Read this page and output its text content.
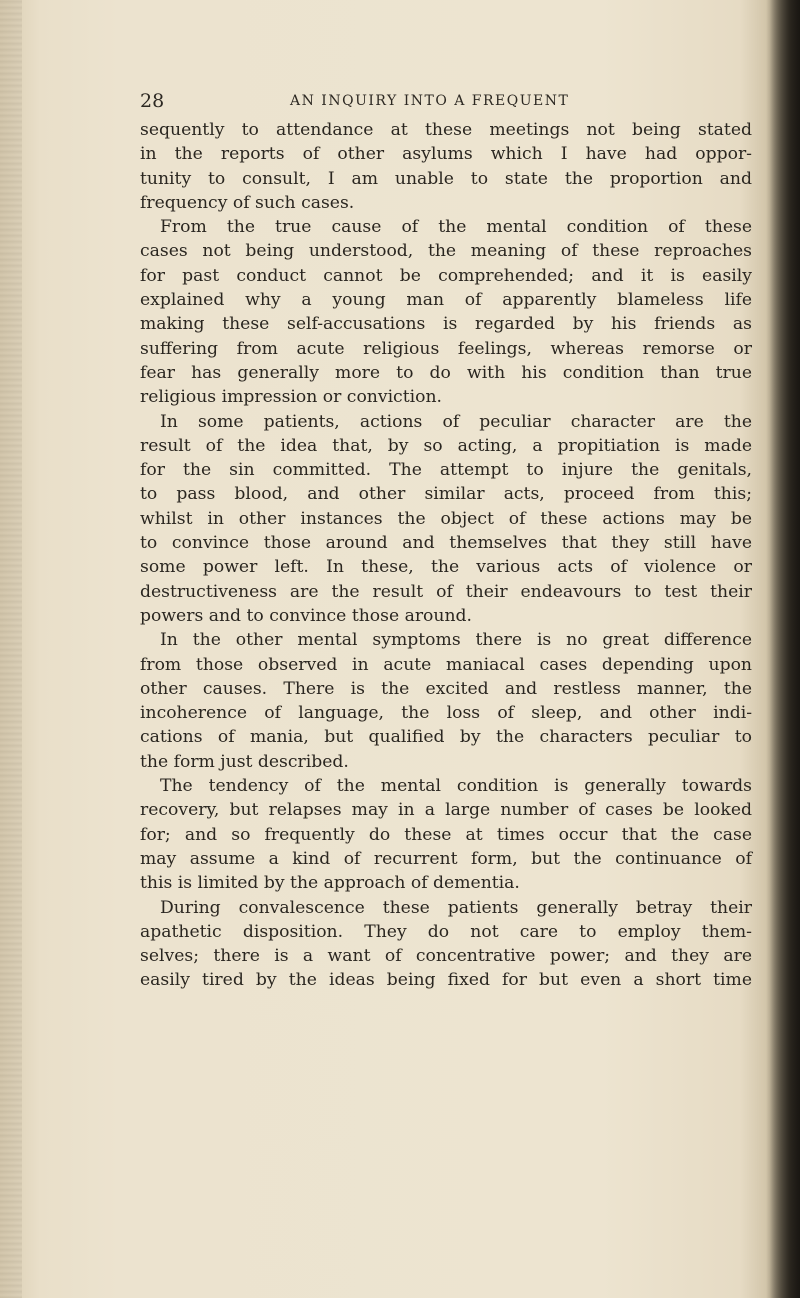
28	AN INQUIRY INTO A FREQUENT
sequently to attendance at these meetings not being stated
in the reports of other asylums which I have had oppor-
tunity to consult, I am unable to state the proportion and
frequency of such cases.
From the true cause of the mental condition of these
cases not being understood, the meaning of these reproaches
for past conduct cannot be comprehended; and it is easily
explained why a young man of apparently blameless life
making these self-accusations is regarded by his friends as
suffering from acute religious feelings, whereas remorse or
fear has generally more to do with his condition than true
religious impression or conviction.
In some patients, actions of peculiar character are the
result of the idea that, by so acting, a propitiation is made
for the sin committed. The attempt to injure the genitals,
to pass blood, and other similar acts, proceed from this;
whilst in other instances the object of these actions may be
to convince those around and themselves that they still have
some power left. In these, the various acts of violence or
destructiveness are the result of their endeavours to test their
powers and to convince those around.
In the other mental symptoms there is no great difference
from those observed in acute maniacal cases depending upon
other causes. There is the excited and restless manner, the
incoherence of language, the loss of sleep, and other indi-
cations of mania, but qualified by the characters peculiar to
the form just described.
The tendency of the mental condition is generally towards
recovery, but relapses may in a large number of cases be looked
for; and so frequently do these at times occur that the case
may assume a kind of recurrent form, but the continuance of
this is limited by the approach of dementia.
During convalescence these patients generally betray their
apathetic disposition. They do not care to employ them-
selves; there is a want of concentrative power; and they are
easily tired by the ideas being fixed for but even a short time
